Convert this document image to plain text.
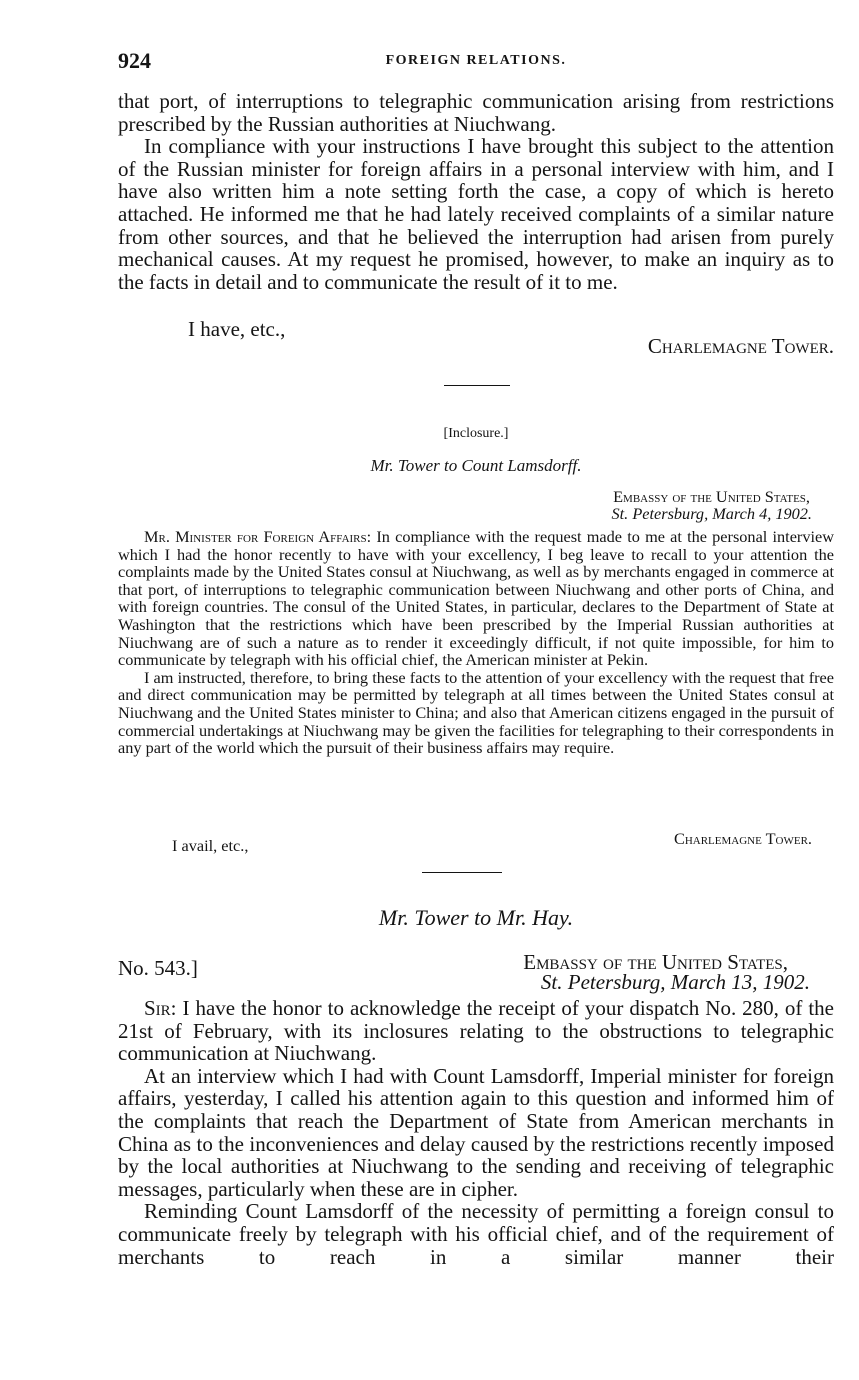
924	FOREIGN RELATIONS.

that port, of interruptions to telegraphic communication arising from restrictions prescribed by the Russian authorities at Niuchwang.

In compliance with your instructions I have brought this subject to the attention of the Russian minister for foreign affairs in a personal interview with him, and I have also written him a note setting forth the case, a copy of which is hereto attached. He informed me that he had lately received complaints of a similar nature from other sources, and that he believed the interruption had arisen from purely mechanical causes. At my request he promised, however, to make an inquiry as to the facts in detail and to communicate the result of it to me.

I have, etc.,
Charlemagne Tower.
[Inclosure.]
Mr. Tower to Count Lamsdorff.
Embassy of the United States,
St. Petersburg, March 4, 1902.

Mr. Minister for Foreign Affairs: In compliance with the request made to me at the personal interview which I had the honor recently to have with your excellency, I beg leave to recall to your attention the complaints made by the United States consul at Niuchwang, as well as by merchants engaged in commerce at that port, of interruptions to telegraphic communication between Niuchwang and other ports of China, and with foreign countries. The consul of the United States, in particular, declares to the Department of State at Washington that the restrictions which have been prescribed by the Imperial Russian authorities at Niuchwang are of such a nature as to render it exceedingly difficult, if not quite impossible, for him to communicate by telegraph with his official chief, the American minister at Pekin.

I am instructed, therefore, to bring these facts to the attention of your excellency with the request that free and direct communication may be permitted by telegraph at all times between the United States consul at Niuchwang and the United States minister to China; and also that American citizens engaged in the pursuit of commercial undertakings at Niuchwang may be given the facilities for telegraphing to their correspondents in any part of the world which the pursuit of their business affairs may require.

I avail, etc.,	Charlemagne Tower.
Mr. Tower to Mr. Hay.
No. 543.]	Embassy of the United States,
St. Petersburg, March 13, 1902.

Sir: I have the honor to acknowledge the receipt of your dispatch No. 280, of the 21st of February, with its inclosures relating to the obstructions to telegraphic communication at Niuchwang.

At an interview which I had with Count Lamsdorff, Imperial minister for foreign affairs, yesterday, I called his attention again to this question and informed him of the complaints that reach the Department of State from American merchants in China as to the inconveniences and delay caused by the restrictions recently imposed by the local authorities at Niuchwang to the sending and receiving of telegraphic messages, particularly when these are in cipher.

Reminding Count Lamsdorff of the necessity of permitting a foreign consul to communicate freely by telegraph with his official chief, and of the requirement of merchants to reach in a similar manner their
